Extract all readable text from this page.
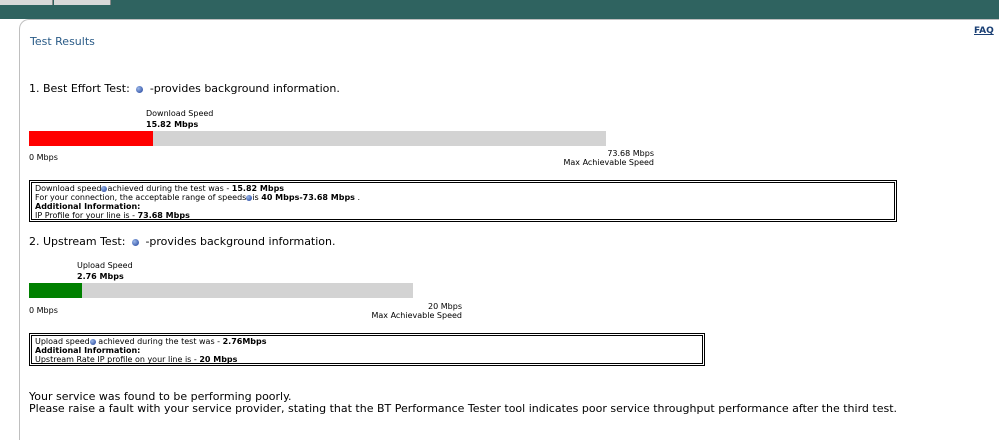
FAQ
Test Results
1. Best Effort Test: -provides background information.
Download Speed
15.82 Mbps
0 Mbps	73.68 Mbps
Max Achievable Speed
Download speed achieved during the test was - 15.82 Mbps
For your connection, the acceptable range of speeds is 40 Mbps-73.68 Mbps .
Additional Information:
IP Profile for your line is - 73.68 Mbps
2. Upstream Test: -provides background information.
Upload Speed
2.76 Mbps
0 Mbps	20 Mbps
Max Achievable Speed
Upload speed achieved during the test was - 2.76Mbps
Additional Information:
Upstream Rate IP profile on your line is - 20 Mbps
Your service was found to be performing poorly.
Please raise a fault with your service provider, stating that the BT Performance Tester tool indicates poor service throughput performance after the third test.
